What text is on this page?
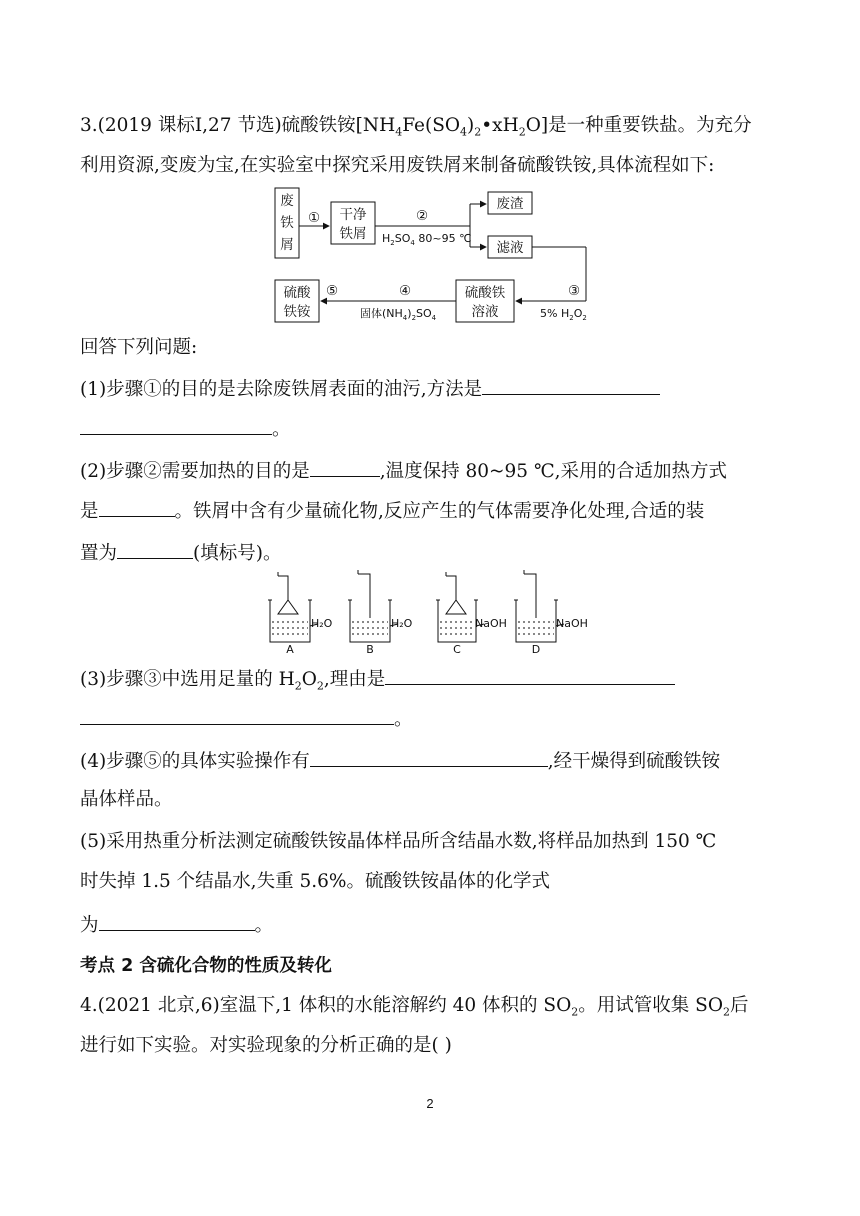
3.(2019 课标Ⅰ,27 节选)硫酸铁铵$[NH_4Fe(SO_4)_2•xH_2O]$是一种重要铁盐。为充分
利用资源,变废为宝,在实验室中探究采用废铁屑来制备硫酸铁铵,具体流程如下:
废
铁
屑
干净
铁屑
废渣
滤液
硫酸铁
溶液
硫酸
铁铵
①	②
③
④
⑤
$H_2SO_4$ 80~95 ℃
5% $H_2O_2$
固体$(NH_4)_2SO_4$
回答下列问题:
(1)步骤①的目的是去除废铁屑表面的油污,方法是
。
(2)步骤②需要加热的目的是	,温度保持 80~95 ℃,采用的合适加热方式
是	。铁屑中含有少量硫化物,反应产生的气体需要净化处理,合适的装
置为	(填标号)。
H₂O	H₂O	NaOH	NaOH
A	B	C	D
(3)步骤③中选用足量的 $H_2O_2$,理由是
。
(4)步骤⑤的具体实验操作有	,经干燥得到硫酸铁铵
晶体样品。
(5)采用热重分析法测定硫酸铁铵晶体样品所含结晶水数,将样品加热到 150 ℃
时失掉 1.5 个结晶水,失重 5.6%。硫酸铁铵晶体的化学式
为	。
考点 2 含硫化合物的性质及转化
4.(2021 北京,6)室温下,1 体积的水能溶解约 40 体积的 $SO_2$。用试管收集 $SO_2$后
进行如下实验。对实验现象的分析正确的是( )
2
